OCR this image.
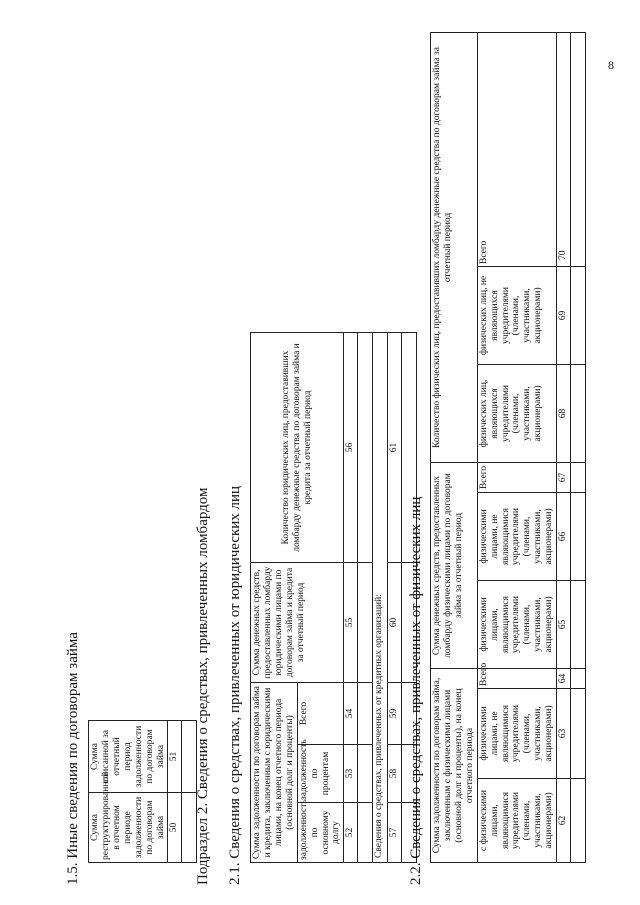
8
1.5. Иные сведения по договорам займа Сумма реструктурированной в отчетном периоде задолженности по договорам займа	Сумма списанной за отчетный период задолженности по договорам займа
50	51
	Подраздел 2. Сведения о средствах, привлеченных ломбардом 2.1. Сведения о средствах, привлеченных от юридических лиц Сумма задолженности по договорам займа и кредита, заключенным с юридическими лицами, на конец отчетного периода (основной долг и проценты)			Сумма денежных средств, предоставленных ломбарду юридическими лицами по договорам займа и кредита за отчетный период	Количество юридических лиц, предоставивших ломбарду денежные средства по договорам займа и кредита за отчетный период
задолженность по основному долгу	задолженность по процентам	Всего		
52	53	54	55	56

Сведения о средствах, привлеченных от кредитных организаций:				
57	58	59	60	61

2.2. Сведения о средствах, привлеченных от физических лиц Сумма задолженности по договорам займа, заключенным с физическими лицами (основной долг и проценты), на конец отчетного периода			Сумма денежных средств, предоставленных ломбарду физическими лицами по договорам займа за отчетный период			Количество физических лиц, предоставивших ломбарду денежные средства по договорам займа за отчетный период		
с физическими лицами, являющимися учредителями (членами, участниками, акционерами)	физическими лицами, не являющимися учредителями (членами, участниками, акционерами)	Всего	физическими лицами, являющимися учредителями (членами, участниками, акционерами)	физическими лицами, не являющимися учредителями (членами, участниками, акционерами)	Всего	физических лиц, являющихся учредителями (членами, участниками, акционерами)	физических лиц, не являющихся учредителями (членами, участниками, акционерами)	Всего
62	63	64	65	66	67	68	69	70
